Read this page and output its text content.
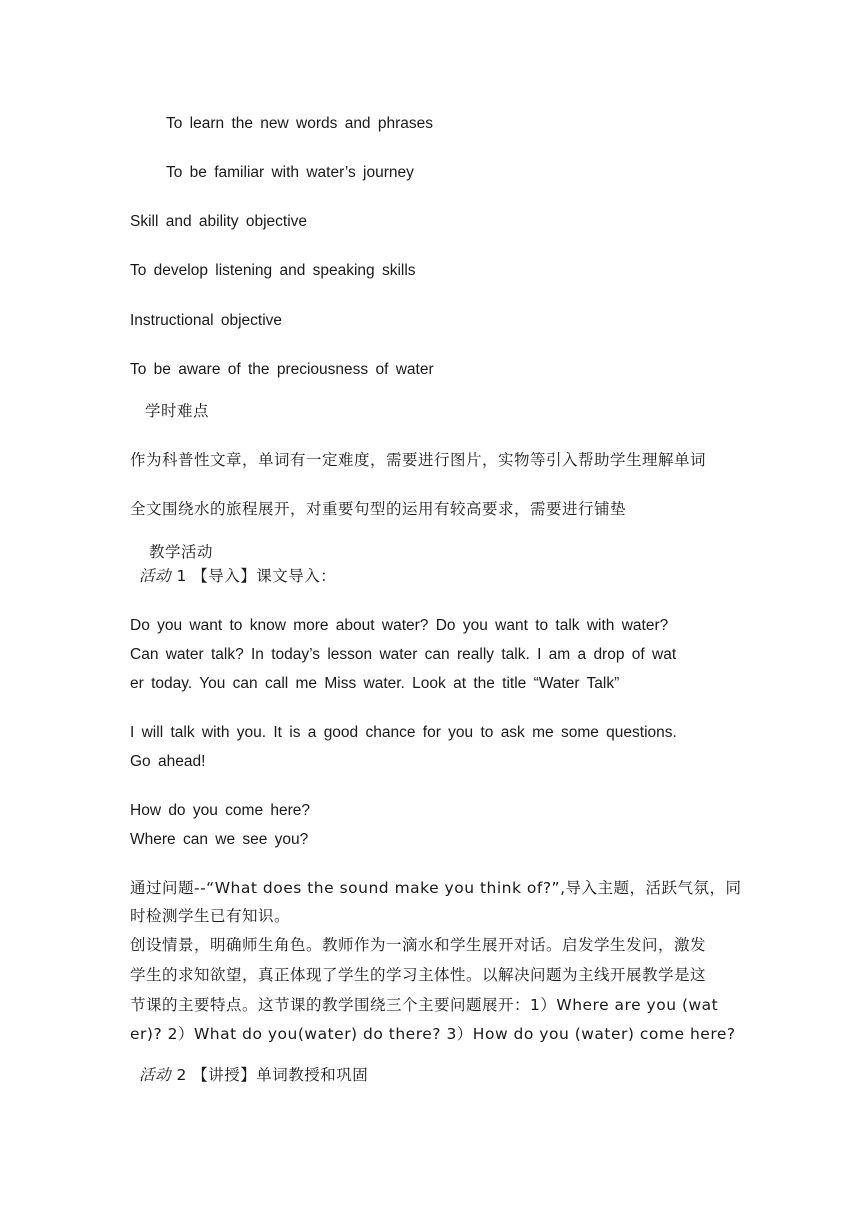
To learn the new words and phrases
To be familiar with water’s journey
Skill and ability objective
To develop listening and speaking skills
Instructional objective
To be aware of the preciousness of water
学时难点
作为科普性文章，单词有一定难度，需要进行图片，实物等引入帮助学生理解单词
全文围绕水的旅程展开，对重要句型的运用有较高要求，需要进行铺垫
教学活动
活动 1 【导入】课文导入：
Do you want to know more about water? Do you want to talk with water?
Can water talk? In today’s lesson water can really talk. I am a drop of wat
er today. You can call me Miss water. Look at the title “Water Talk”
I will talk with you. It is a good chance for you to ask me some questions.
Go ahead!
How do you come here?
Where can we see you?
通过问题--“What does the sound make you think of?”,导入主题，活跃气氛，同
时检测学生已有知识。
创设情景，明确师生角色。教师作为一滴水和学生展开对话。启发学生发问，激发
学生的求知欲望，真正体现了学生的学习主体性。以解决问题为主线开展教学是这
节课的主要特点。这节课的教学围绕三个主要问题展开：1）Where are you (wat
er)? 2）What do you(water) do there? 3）How do you (water) come here?
活动 2 【讲授】单词教授和巩固
